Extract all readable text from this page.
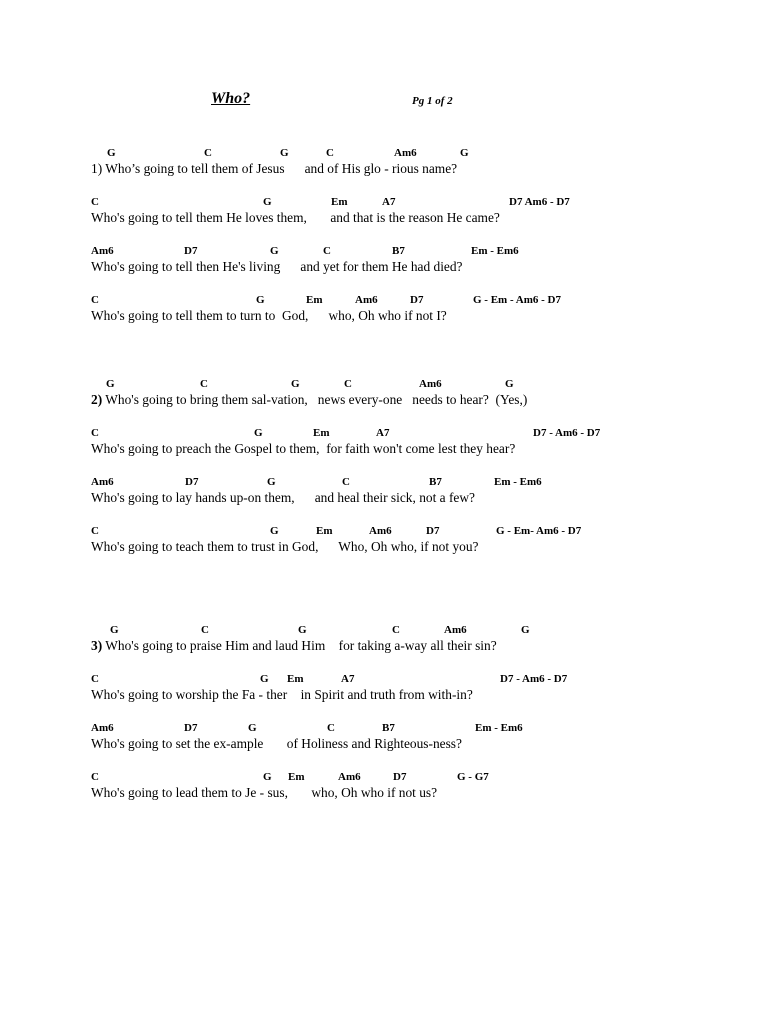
Who?	Pg 1 of 2
G	C	G	C	Am6	G
1) Who’s going to tell them of Jesus      and of His glo - rious name?
C	G	Em	A7	D7 Am6 - D7
Who's going to tell them He loves them,       and that is the reason He came?
Am6	D7	G	C	B7	Em - Em6
Who's going to tell then He's living      and yet for them He had died?
C	G	Em	Am6	D7	G - Em - Am6 - D7
Who's going to tell them to turn to  God,      who, Oh who if not I?
G	C	G	C	Am6	G
2) Who's going to bring them sal-vation,   news every-one   needs to hear?  (Yes,)
C	G	Em	A7	D7 - Am6 - D7
Who's going to preach the Gospel to them,  for faith won't come lest they hear?
Am6	D7	G	C	B7	Em - Em6
Who's going to lay hands up-on them,      and heal their sick, not a few?
C	G	Em	Am6	D7	G - Em- Am6 - D7
Who's going to teach them to trust in God,      Who, Oh who, if not you?
G	C	G	C	Am6	G
3) Who's going to praise Him and laud Him    for taking a-way all their sin?
C	G Em	A7	D7 - Am6 - D7
Who's going to worship the Fa - ther    in Spirit and truth from with-in?
Am6	D7	G	C	B7	Em - Em6
Who's going to set the ex-ample       of Holiness and Righteous-ness?
C	G Em	Am6	D7	G - G7
Who's going to lead them to Je - sus,       who, Oh who if not us?
